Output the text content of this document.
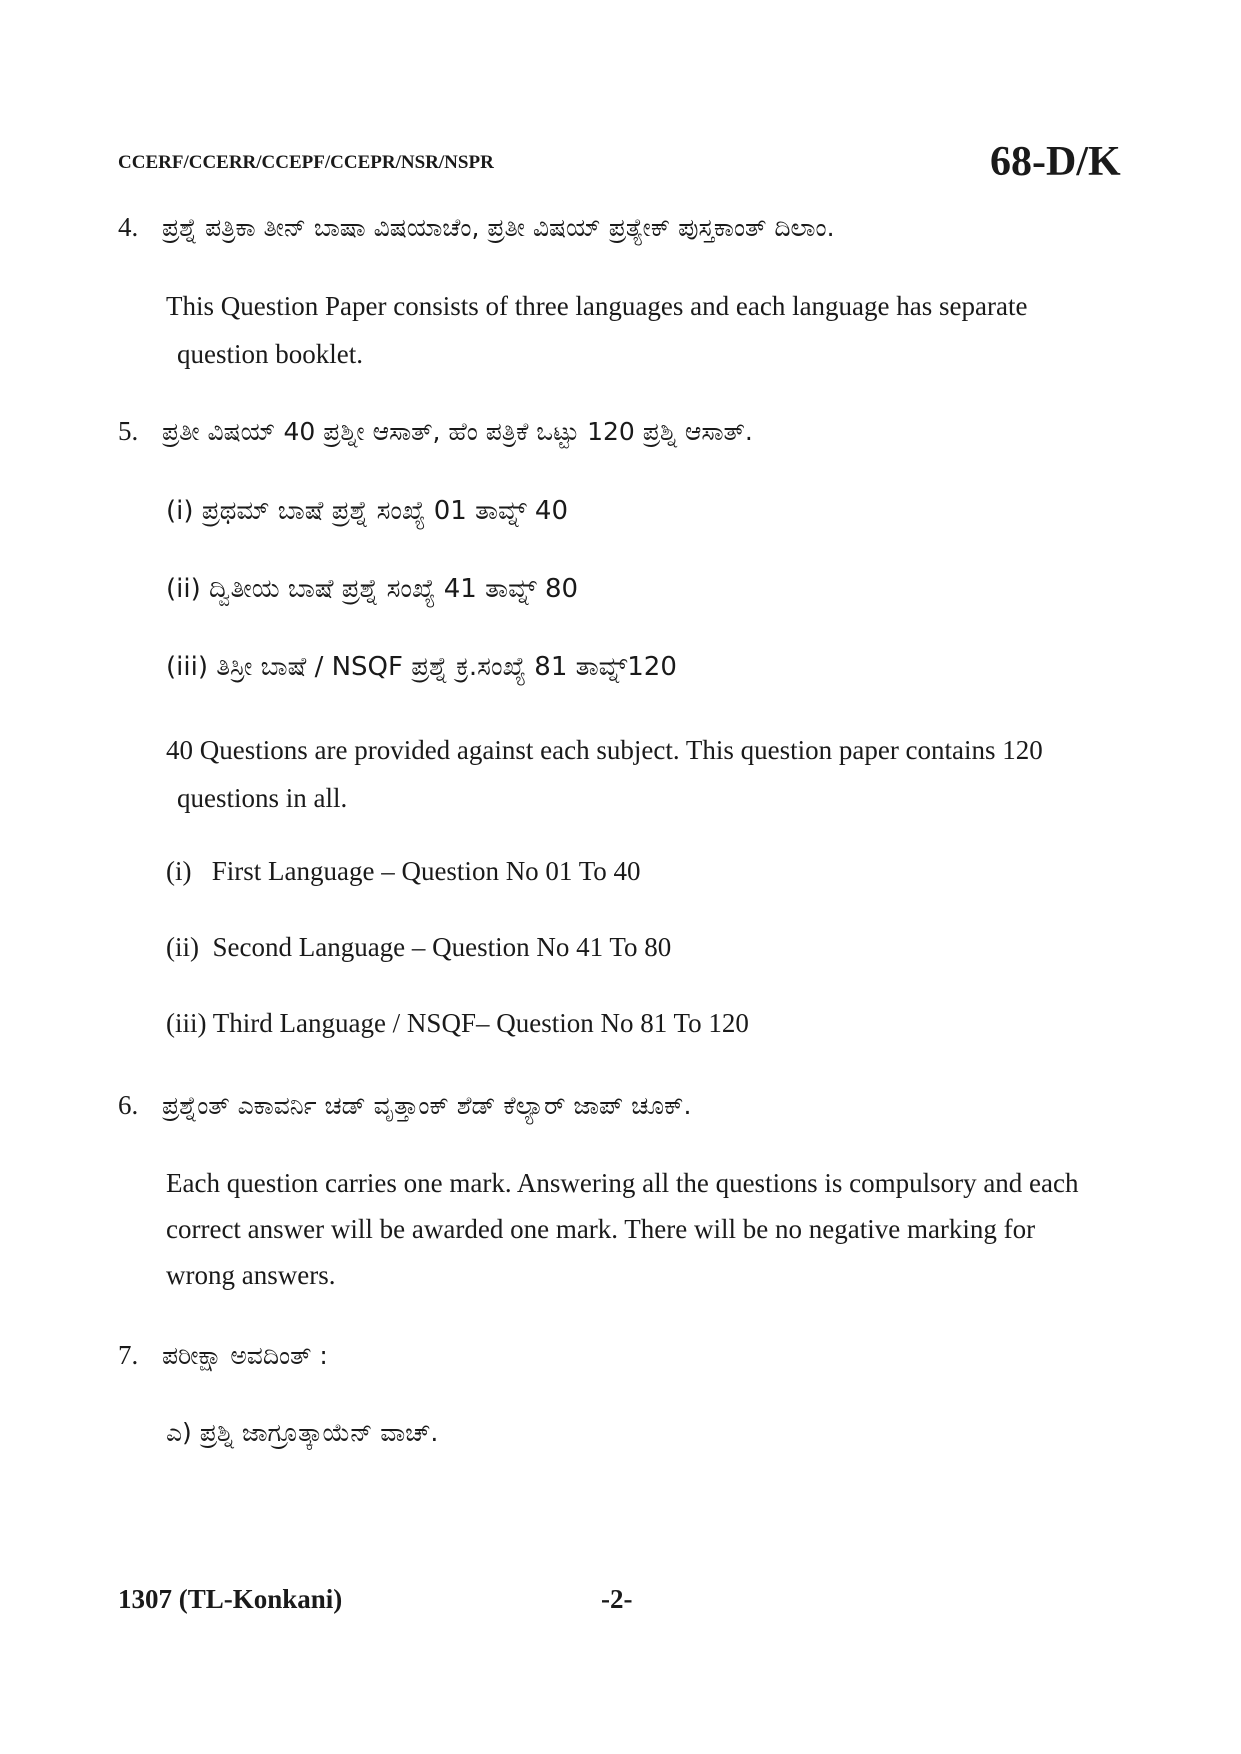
CCERF/CCERR/CCEPF/CCEPR/NSR/NSPR	68-D/K
4. ಪ್ರಶ್ನೆ ಪತ್ರಿಕಾ ತೀನ್ ಬಾಷಾ ವಿಷಯಾಚೆಂ, ಪ್ರತೀ ವಿಷಯ್ ಪ್ರತ್ಯೇಕ್ ಪುಸ್ತಕಾಂತ್ ದಿಲಾಂ.
This Question Paper consists of three languages and each language has separate
question booklet.
5. ಪ್ರತೀ ವಿಷಯ್ 40 ಪ್ರಶ್ನೀ ಆಸಾತ್, ಹೆಂ ಪತ್ರಿಕೆ ಒಟ್ಟು 120 ಪ್ರಶ್ನಿ ಆಸಾತ್.
(i) ಪ್ರಥಮ್ ಬಾಷೆ ಪ್ರಶ್ನೆ ಸಂಖ್ಯೆ 01 ತಾವ್ನ್ 40
(ii) ದ್ವಿತೀಯ ಬಾಷೆ ಪ್ರಶ್ನೆ ಸಂಖ್ಯೆ 41 ತಾವ್ನ್ 80
(iii) ತಿಸ್ರೀ ಬಾಷೆ / NSQF ಪ್ರಶ್ನೆ ಕ್ರ.ಸಂಖ್ಯೆ 81 ತಾವ್ನ್120
40 Questions are provided against each subject. This question paper contains 120
questions in all.
(i)   First Language – Question No 01 To 40
(ii)  Second Language – Question No 41 To 80
(iii) Third Language / NSQF– Question No 81 To 120
6. ಪ್ರಶ್ನೆಂತ್ ಎಕಾವರ್ನಿ ಚಡ್ ವೃತ್ತಾಂಕ್ ಶೆಡ್ ಕೆಲ್ಯಾರ್ ಜಾಪ್ ಚೂಕ್.
Each question carries one mark. Answering all the questions is compulsory and each
correct answer will be awarded one mark. There will be no negative marking for
wrong answers.
7. ಪರೀಕ್ಷಾ ಅವದಿಂತ್ :
ಎ) ಪ್ರಶ್ನಿ ಜಾಗ್ರೂತ್ಕಾಯೆನ್ ವಾಚ್.
1307 (TL-Konkani)	-2-
